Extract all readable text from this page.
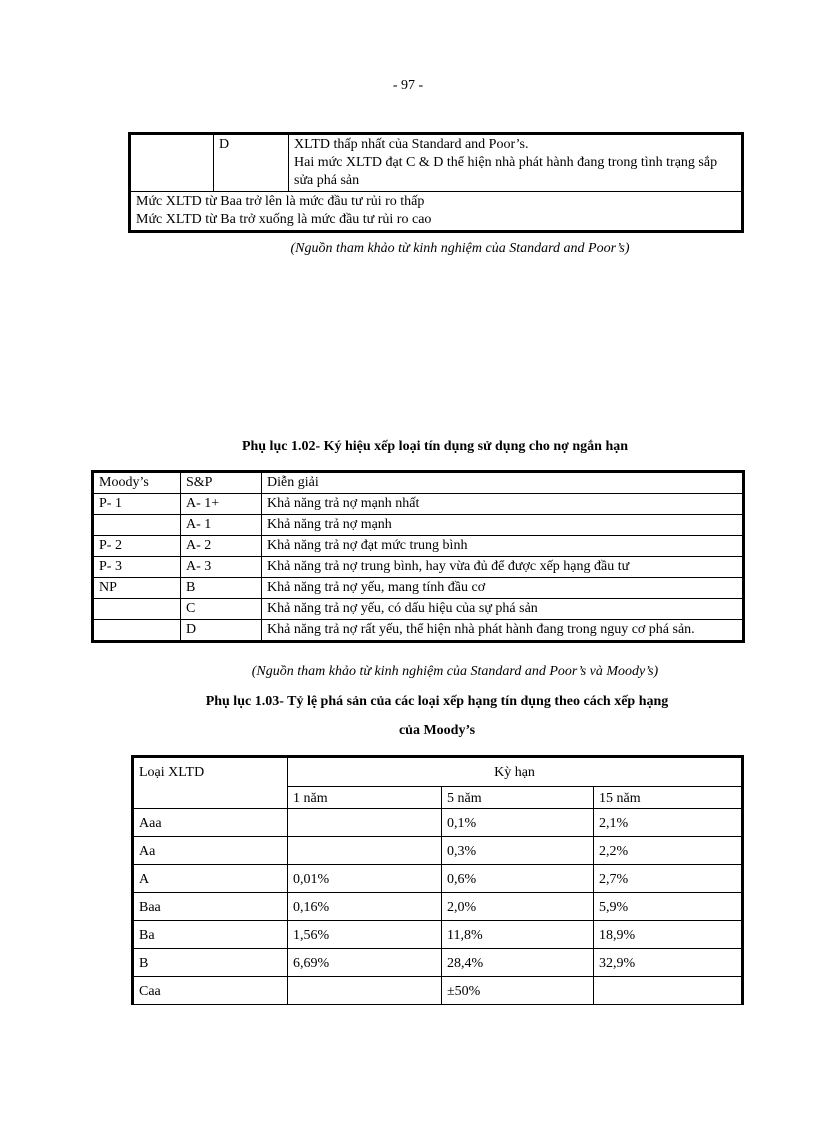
- 97 -
	D	XLTD thấp nhất của Standard and Poor’s.
Hai mức XLTD đạt C & D thể hiện nhà phát hành đang trong tình trạng sắp sửa phá sản

Mức XLTD từ Baa trở lên là mức đầu tư rủi ro thấp
Mức XLTD từ Ba trở xuống là mức đầu tư rủi ro cao
(Nguồn tham khảo từ kinh nghiệm của Standard and Poor’s)
Phụ lục 1.02- Ký hiệu xếp loại tín dụng sử dụng cho nợ ngắn hạn
Moody’s	S&P	Diễn giải
P- 1	A- 1+	Khả năng trả nợ mạnh nhất
	A- 1	Khả năng trả nợ mạnh
P- 2	A- 2	Khả năng trả nợ đạt mức trung bình
P- 3	A- 3	Khả năng trả nợ trung bình, hay vừa đủ để được xếp hạng đầu tư
NP	B	Khả năng trả nợ yếu, mang tính đầu cơ
	C	Khả năng trả nợ yếu, có dấu hiệu của sự phá sản
	D	Khả năng trả nợ rất yếu, thể hiện nhà phát hành đang trong nguy cơ phá sản.
(Nguồn tham khảo từ kinh nghiệm của Standard and Poor’s và Moody’s)
Phụ lục 1.03- Tỷ lệ phá sản của các loại xếp hạng tín dụng theo cách xếp hạng
của Moody’s
Loại XLTD	Kỳ hạn		
	1 năm	5 năm	15 năm
Aaa		0,1%	2,1%
Aa		0,3%	2,2%
A	0,01%	0,6%	2,7%
Baa	0,16%	2,0%	5,9%
Ba	1,56%	11,8%	18,9%
B	6,69%	28,4%	32,9%
Caa		±50%	
